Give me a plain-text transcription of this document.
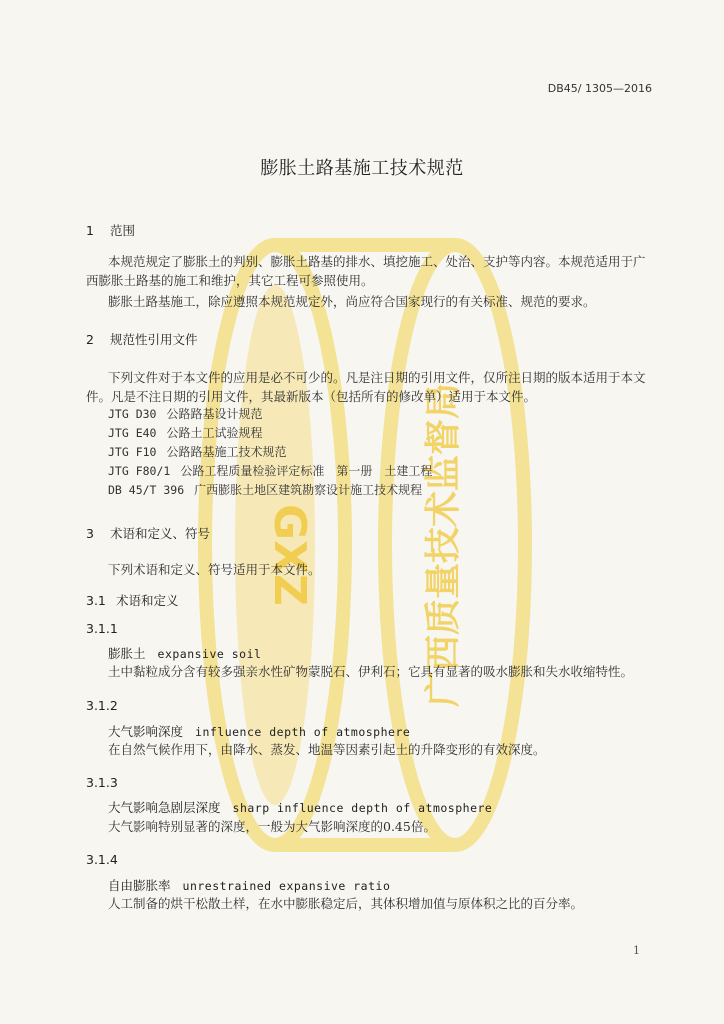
GXZ	广西质量技术监督局
DB45/ 1305—2016
膨胀土路基施工技术规范
1 范围
本规范规定了膨胀土的判别、膨胀土路基的排水、填挖施工、处治、支护等内容。本规范适用于广
西膨胀土路基的施工和维护，其它工程可参照使用。
膨胀土路基施工，除应遵照本规范规定外，尚应符合国家现行的有关标准、规范的要求。
2 规范性引用文件
下列文件对于本文件的应用是必不可少的。凡是注日期的引用文件，仅所注日期的版本适用于本文
件。凡是不注日期的引用文件，其最新版本（包括所有的修改单）适用于本文件。
JTG D30 公路路基设计规范
JTG E40 公路土工试验规程
JTG F10 公路路基施工技术规范
JTG F80/1 公路工程质量检验评定标准　第一册　土建工程
DB 45/T 396 广西膨胀土地区建筑勘察设计施工技术规程
3 术语和定义、符号
下列术语和定义、符号适用于本文件。
3.1 术语和定义
3.1.1
膨胀土 expansive soil
土中黏粒成分含有较多强亲水性矿物蒙脱石、伊利石；它具有显著的吸水膨胀和失水收缩特性。
3.1.2
大气影响深度 influence depth of atmosphere
在自然气候作用下，由降水、蒸发、地温等因素引起土的升降变形的有效深度。
3.1.3
大气影响急剧层深度 sharp influence depth of atmosphere
大气影响特别显著的深度，一般为大气影响深度的0.45倍。
3.1.4
自由膨胀率 unrestrained expansive ratio
人工制备的烘干松散土样，在水中膨胀稳定后，其体积增加值与原体积之比的百分率。
1
